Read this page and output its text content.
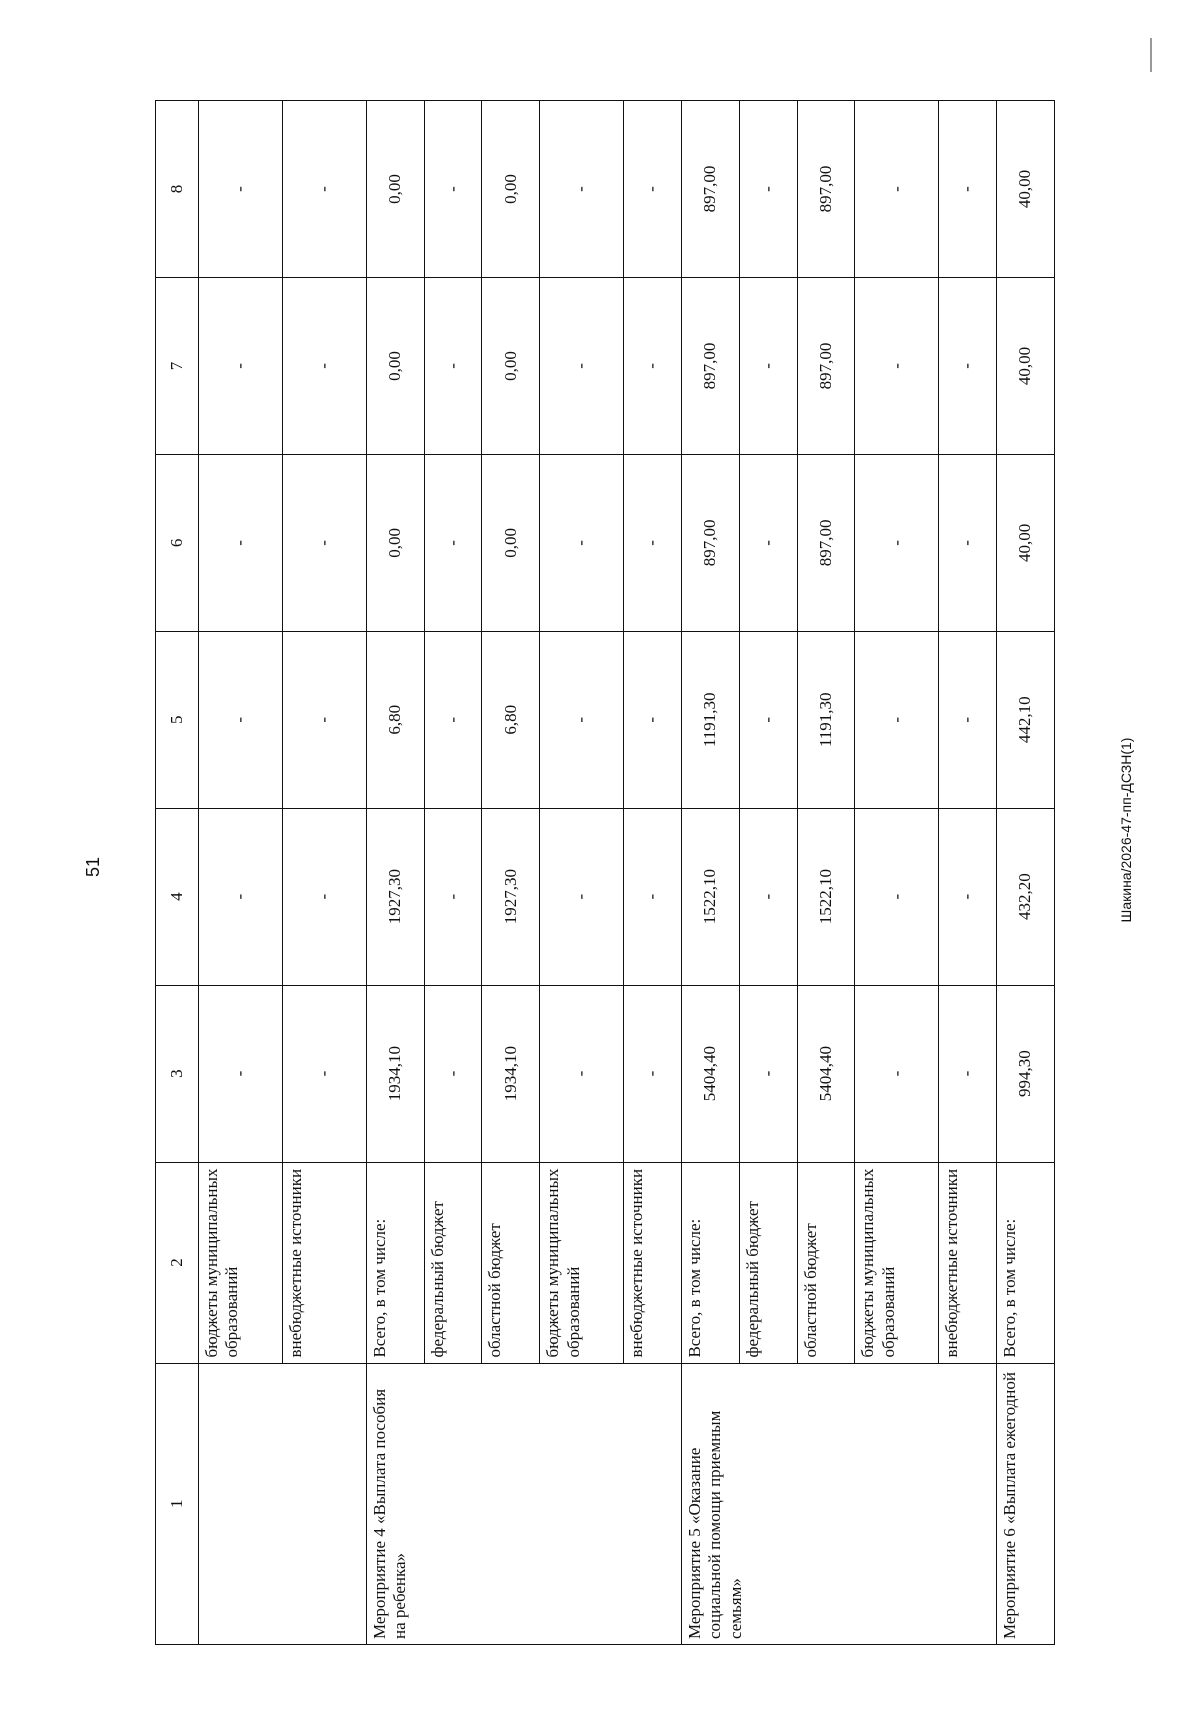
51	Шакина/2026-47-пп-ДСЗН(1)
1	2	3	4	5	6	7	8
	бюджеты муниципальных образований	-	-	-	-	-	-
	внебюджетные источники	-	-	-	-	-	-
Мероприятие 4 «Выплата пособия на ребенка»	Всего, в том числе:	1934,10	1927,30	6,80	0,00	0,00	0,00
	федеральный бюджет	-	-	-	-	-	-
	областной бюджет	1934,10	1927,30	6,80	0,00	0,00	0,00
	бюджеты муниципальных образований	-	-	-	-	-	-
	внебюджетные источники	-	-	-	-	-	-
Мероприятие 5 «Оказание социальной помощи приемным семьям»	Всего, в том числе:	5404,40	1522,10	1191,30	897,00	897,00	897,00
	федеральный бюджет	-	-	-	-	-	-
	областной бюджет	5404,40	1522,10	1191,30	897,00	897,00	897,00
	бюджеты муниципальных образований	-	-	-	-	-	-
	внебюджетные источники	-	-	-	-	-	-
Мероприятие 6 «Выплата ежегодной	Всего, в том числе:	994,30	432,20	442,10	40,00	40,00	40,00
